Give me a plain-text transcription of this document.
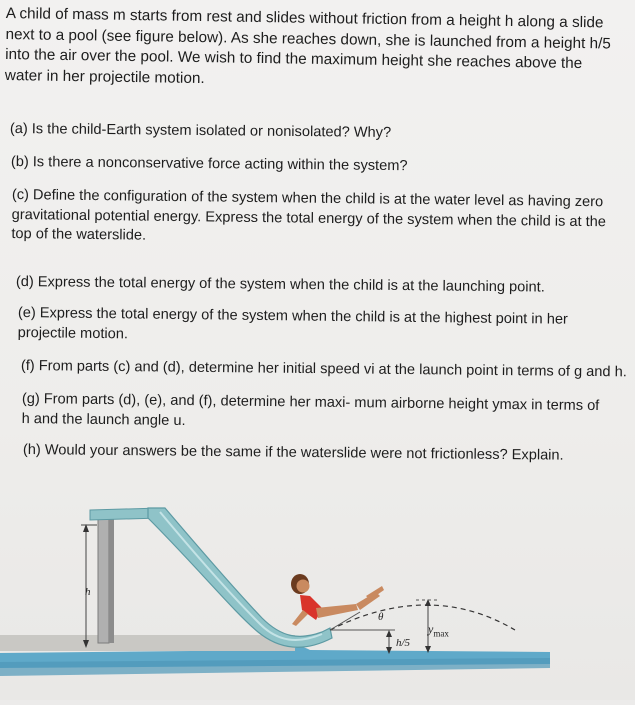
A child of mass m starts from rest and slides without friction from a height h along a slide next to a pool (see figure below). As she reaches down, she is launched from a height h/5 into the air over the pool. We wish to find the maximum height she reaches above the water in her projectile motion.
(a) Is the child-Earth system isolated or nonisolated? Why?
(b) Is there a nonconservative force acting within the system?
(c) Define the configuration of the system when the child is at the water level as having zero gravitational potential energy. Express the total energy of the system when the child is at the top of the waterslide.
(d) Express the total energy of the system when the child is at the launching point.
(e) Express the total energy of the system when the child is at the highest point in her projectile motion.
(f) From parts (c) and (d), determine her initial speed vi at the launch point in terms of g and h.
(g) From parts (d), (e), and (f), determine her maxi- mum airborne height ymax in terms of h and the launch angle u.
(h) Would your answers be the same if the waterslide were not frictionless? Explain.
h
θ
h/5
$y_{max}$
